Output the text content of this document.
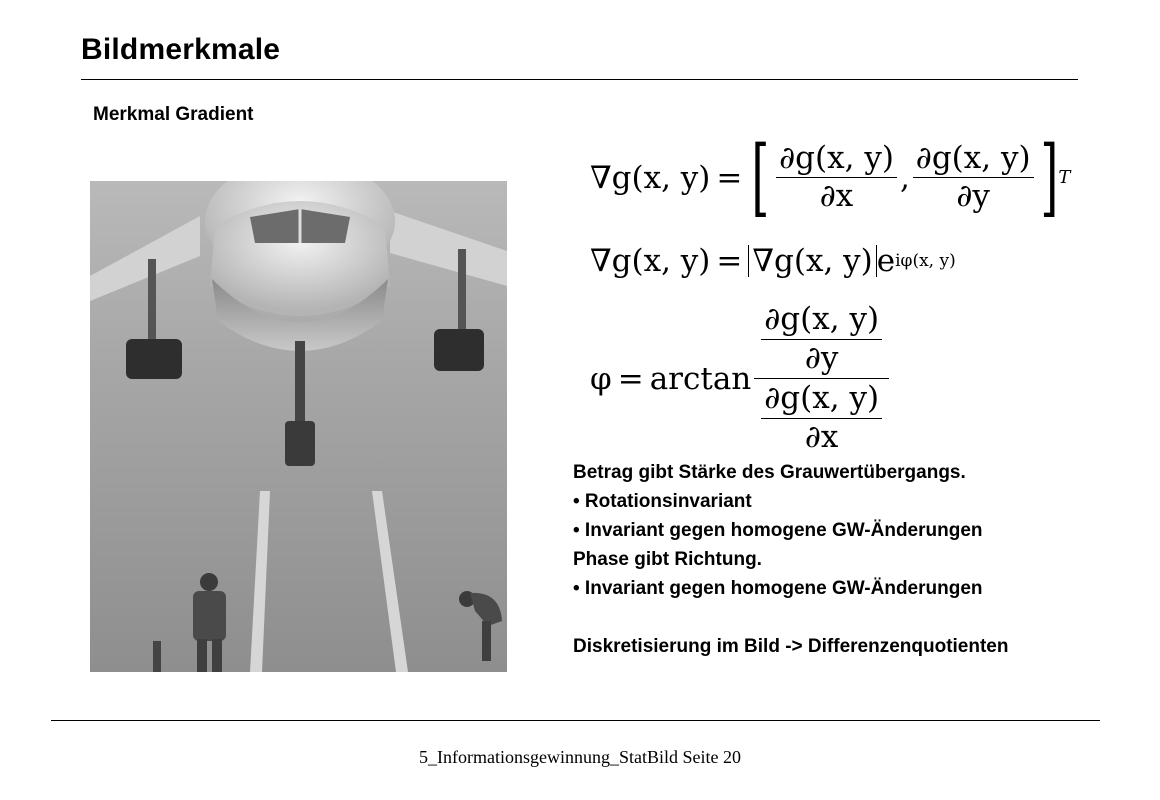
Bildmerkmale
Merkmal Gradient
∇g(x, y) = [ $\frac{\partial g(x, y)}{\partial x}$ , $\frac{\partial g(x, y)}{\partial y}$ ] T
∇g(x, y) = ∇g(x, y) e iφ(x, y)
$\varphi = \arctan \frac{\frac{\partial g(x, y)}{\partial y}}{\frac{\partial g(x, y)}{\partial x}}$
Betrag gibt Stärke des Grauwertübergangs.
• Rotationsinvariant
• Invariant gegen homogene GW-Änderungen
Phase gibt Richtung.
• Invariant gegen homogene GW-Änderungen
Diskretisierung im Bild -> Differenzenquotienten
5_Informationsgewinnung_StatBild Seite 20
